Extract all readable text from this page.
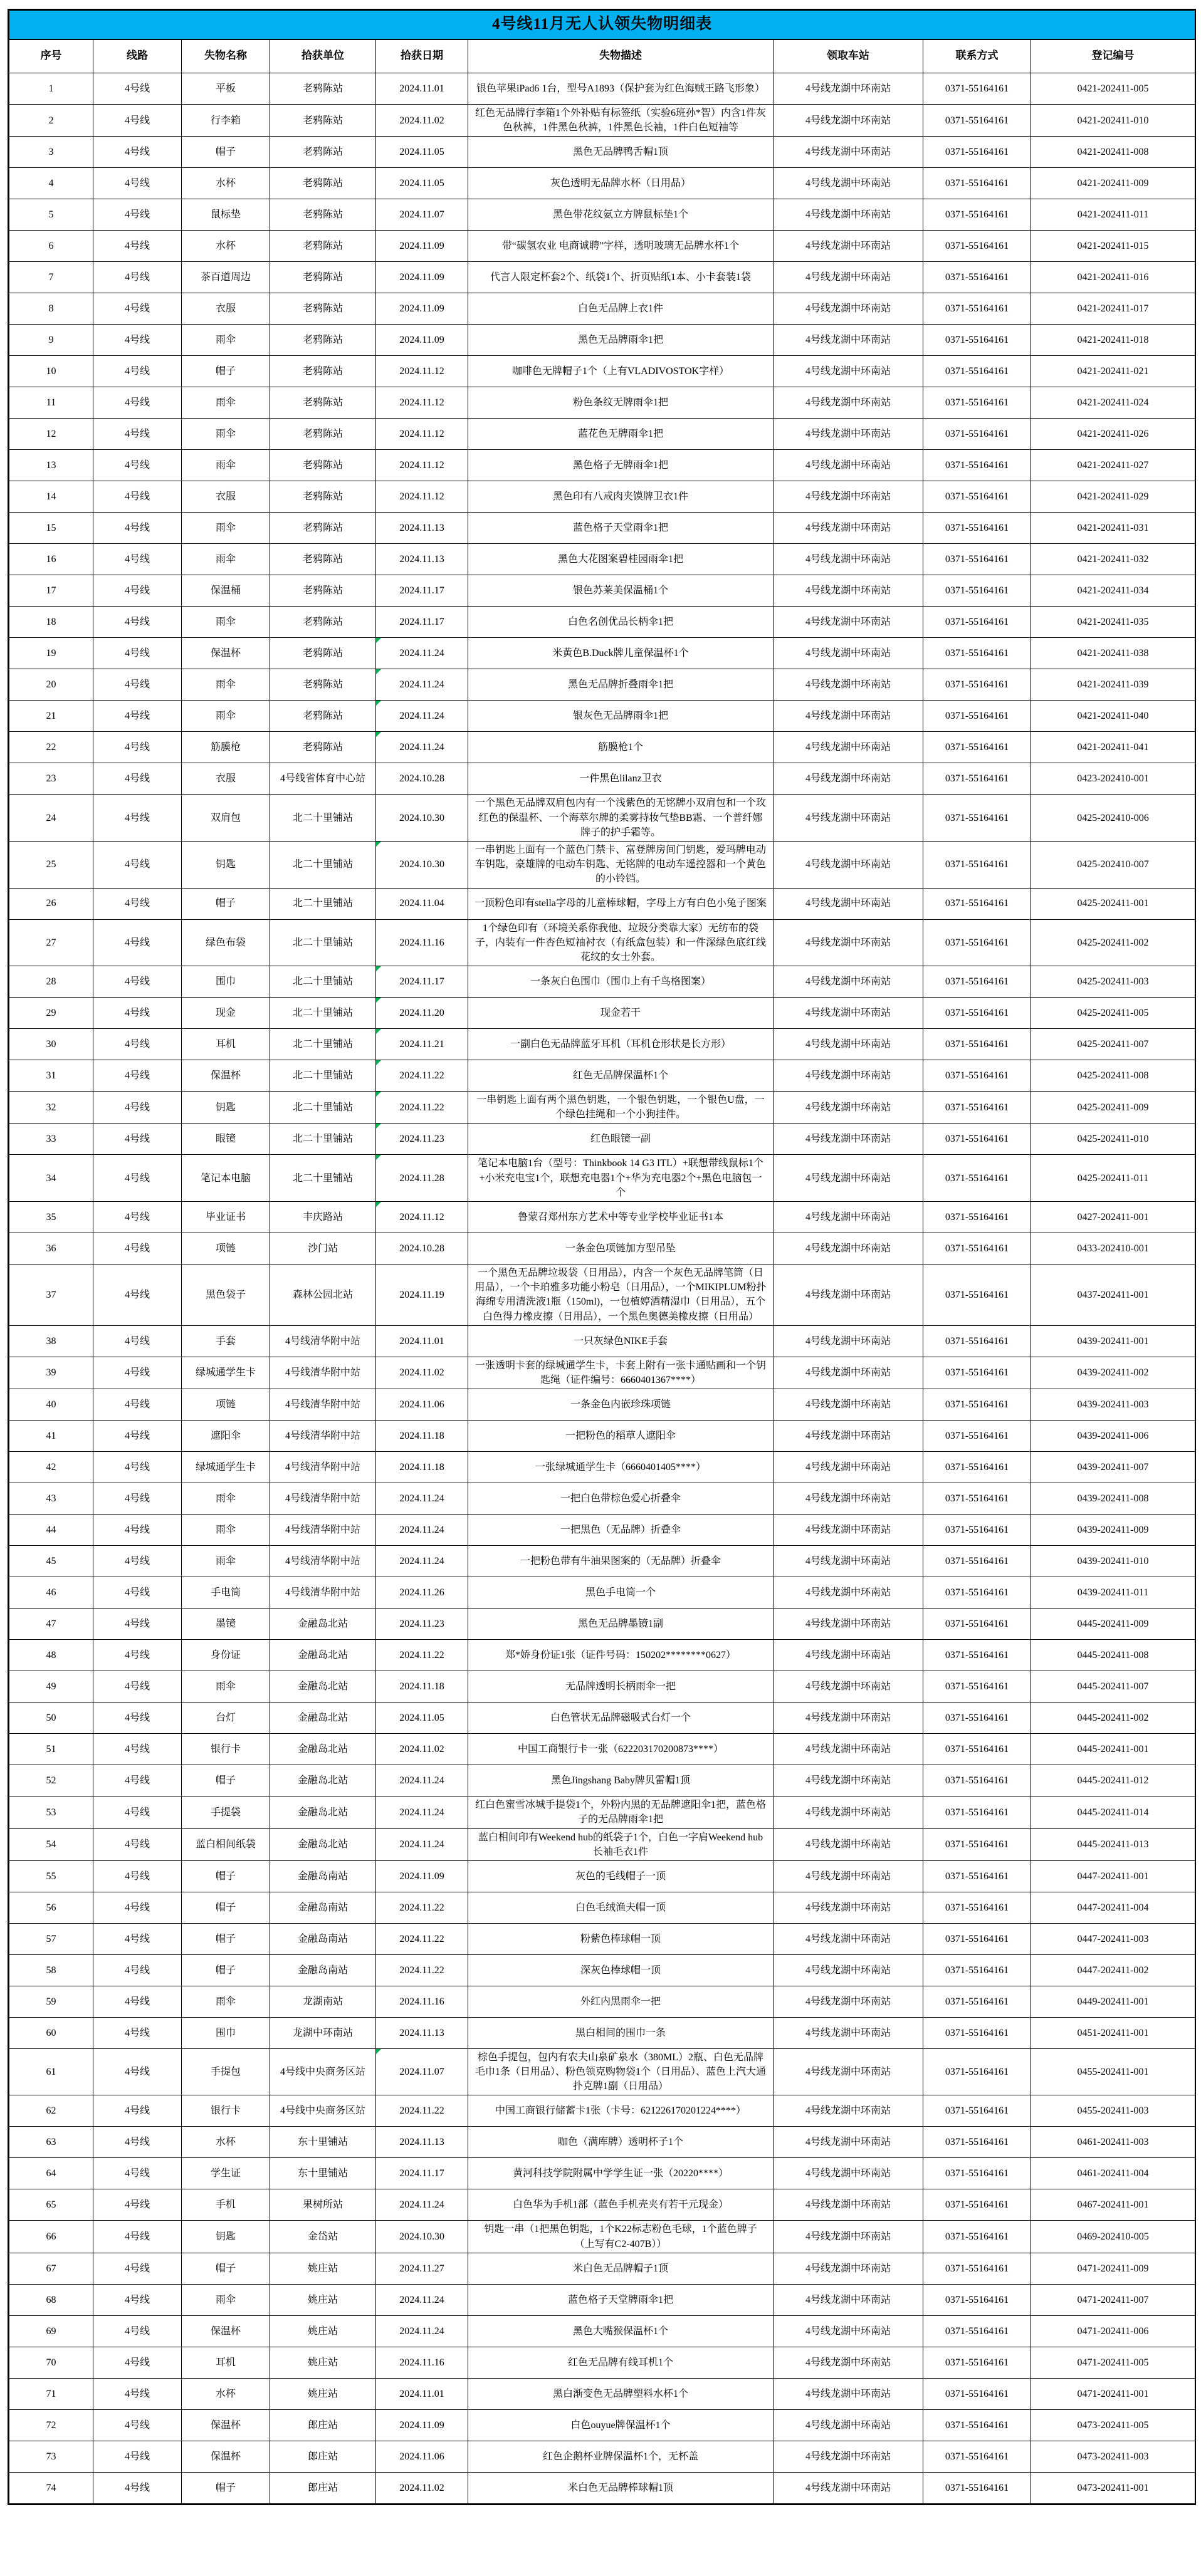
4号线11月无人认领失物明细表								
序号	线路	失物名称	拾获单位	拾获日期	失物描述	领取车站	联系方式	登记编号
1	4号线	平板	老鸦陈站	2024.11.01	银色苹果iPad6 1台，型号A1893（保护套为红色海贼王路飞形象）	4号线龙湖中环南站	0371-55164161	0421-202411-005
2	4号线	行李箱	老鸦陈站	2024.11.02	红色无品牌行李箱1个外补贴有标签纸（实验6班孙*智）内含1件灰色秋裤，1件黑色秋裤，1件黑色长袖，1件白色短袖等	4号线龙湖中环南站	0371-55164161	0421-202411-010
3	4号线	帽子	老鸦陈站	2024.11.05	黑色无品牌鸭舌帽1顶	4号线龙湖中环南站	0371-55164161	0421-202411-008
4	4号线	水杯	老鸦陈站	2024.11.05	灰色透明无品牌水杯（日用品）	4号线龙湖中环南站	0371-55164161	0421-202411-009
5	4号线	鼠标垫	老鸦陈站	2024.11.07	黑色带花纹氨立方牌鼠标垫1个	4号线龙湖中环南站	0371-55164161	0421-202411-011
6	4号线	水杯	老鸦陈站	2024.11.09	带“碳氢农业 电商诚聘”字样，透明玻璃无品牌水杯1个	4号线龙湖中环南站	0371-55164161	0421-202411-015
7	4号线	茶百道周边	老鸦陈站	2024.11.09	代言人限定杯套2个、纸袋1个、折页贴纸1本、小卡套装1袋	4号线龙湖中环南站	0371-55164161	0421-202411-016
8	4号线	衣服	老鸦陈站	2024.11.09	白色无品牌上衣1件	4号线龙湖中环南站	0371-55164161	0421-202411-017
9	4号线	雨伞	老鸦陈站	2024.11.09	黑色无品牌雨伞1把	4号线龙湖中环南站	0371-55164161	0421-202411-018
10	4号线	帽子	老鸦陈站	2024.11.12	咖啡色无牌帽子1个（上有VLADIVOSTOK字样）	4号线龙湖中环南站	0371-55164161	0421-202411-021
11	4号线	雨伞	老鸦陈站	2024.11.12	粉色条纹无牌雨伞1把	4号线龙湖中环南站	0371-55164161	0421-202411-024
12	4号线	雨伞	老鸦陈站	2024.11.12	蓝花色无牌雨伞1把	4号线龙湖中环南站	0371-55164161	0421-202411-026
13	4号线	雨伞	老鸦陈站	2024.11.12	黑色格子无牌雨伞1把	4号线龙湖中环南站	0371-55164161	0421-202411-027
14	4号线	衣服	老鸦陈站	2024.11.12	黑色印有八戒肉夹馍牌卫衣1件	4号线龙湖中环南站	0371-55164161	0421-202411-029
15	4号线	雨伞	老鸦陈站	2024.11.13	蓝色格子天堂雨伞1把	4号线龙湖中环南站	0371-55164161	0421-202411-031
16	4号线	雨伞	老鸦陈站	2024.11.13	黑色大花图案碧桂园雨伞1把	4号线龙湖中环南站	0371-55164161	0421-202411-032
17	4号线	保温桶	老鸦陈站	2024.11.17	银色苏莱美保温桶1个	4号线龙湖中环南站	0371-55164161	0421-202411-034
18	4号线	雨伞	老鸦陈站	2024.11.17	白色名创优品长柄伞1把	4号线龙湖中环南站	0371-55164161	0421-202411-035
19	4号线	保温杯	老鸦陈站	2024.11.24	米黄色B.Duck牌儿童保温杯1个	4号线龙湖中环南站	0371-55164161	0421-202411-038
20	4号线	雨伞	老鸦陈站	2024.11.24	黑色无品牌折叠雨伞1把	4号线龙湖中环南站	0371-55164161	0421-202411-039
21	4号线	雨伞	老鸦陈站	2024.11.24	银灰色无品牌雨伞1把	4号线龙湖中环南站	0371-55164161	0421-202411-040
22	4号线	筋膜枪	老鸦陈站	2024.11.24	筋膜枪1个	4号线龙湖中环南站	0371-55164161	0421-202411-041
23	4号线	衣服	4号线省体育中心站	2024.10.28	一件黑色lilanz卫衣	4号线龙湖中环南站	0371-55164161	0423-202410-001
24	4号线	双肩包	北二十里铺站	2024.10.30	一个黑色无品牌双肩包内有一个浅紫色的无铭牌小双肩包和一个玫红色的保温杯、一个海萃尔牌的柔雾持妆气垫BB霜、一个普纤娜牌子的护手霜等。	4号线龙湖中环南站	0371-55164161	0425-202410-006
25	4号线	钥匙	北二十里铺站	2024.10.30	一串钥匙上面有一个蓝色门禁卡、富登牌房间门钥匙，爱玛牌电动车钥匙，豪雄牌的电动车钥匙、无铭牌的电动车遥控器和一个黄色的小铃铛。	4号线龙湖中环南站	0371-55164161	0425-202410-007
26	4号线	帽子	北二十里铺站	2024.11.04	一顶粉色印有stella字母的儿童棒球帽，字母上方有白色小兔子图案	4号线龙湖中环南站	0371-55164161	0425-202411-001
27	4号线	绿色布袋	北二十里铺站	2024.11.16	1个绿色印有（环境关系你我他、垃圾分类靠大家）无纺布的袋子，内装有一件杏色短袖衬衣（有纸盒包装）和一件深绿色底红线花纹的女士外套。	4号线龙湖中环南站	0371-55164161	0425-202411-002
28	4号线	围巾	北二十里铺站	2024.11.17	一条灰白色围巾（围巾上有千鸟格图案）	4号线龙湖中环南站	0371-55164161	0425-202411-003
29	4号线	现金	北二十里铺站	2024.11.20	现金若干	4号线龙湖中环南站	0371-55164161	0425-202411-005
30	4号线	耳机	北二十里铺站	2024.11.21	一副白色无品牌蓝牙耳机（耳机仓形状是长方形）	4号线龙湖中环南站	0371-55164161	0425-202411-007
31	4号线	保温杯	北二十里铺站	2024.11.22	红色无品牌保温杯1个	4号线龙湖中环南站	0371-55164161	0425-202411-008
32	4号线	钥匙	北二十里铺站	2024.11.22	一串钥匙上面有两个黑色钥匙，一个银色钥匙，一个银色U盘，一个绿色挂绳和一个小狗挂件。	4号线龙湖中环南站	0371-55164161	0425-202411-009
33	4号线	眼镜	北二十里铺站	2024.11.23	红色眼镜一副	4号线龙湖中环南站	0371-55164161	0425-202411-010
34	4号线	笔记本电脑	北二十里铺站	2024.11.28	笔记本电脑1台（型号：Thinkbook 14 G3 ITL）+联想带线鼠标1个+小米充电宝1个，联想充电器1个+华为充电器2个+黑色电脑包一个	4号线龙湖中环南站	0371-55164161	0425-202411-011
35	4号线	毕业证书	丰庆路站	2024.11.12	鲁蒙召郑州东方艺术中等专业学校毕业证书1本	4号线龙湖中环南站	0371-55164161	0427-202411-001
36	4号线	项链	沙门站	2024.10.28	一条金色项链加方型吊坠	4号线龙湖中环南站	0371-55164161	0433-202410-001
37	4号线	黑色袋子	森林公园北站	2024.11.19	一个黑色无品牌垃圾袋（日用品），内含一个灰色无品牌笔筒（日用品），一个卡珀雅多功能小粉皂（日用品），一个MIKIPLUM粉扑海绵专用清洗液1瓶（150ml)，一包植婷酒精湿巾（日用品），五个白色得力橡皮擦（日用品），一个黑色奥德美橡皮擦（日用品）	4号线龙湖中环南站	0371-55164161	0437-202411-001
38	4号线	手套	4号线清华附中站	2024.11.01	一只灰绿色NIKE手套	4号线龙湖中环南站	0371-55164161	0439-202411-001
39	4号线	绿城通学生卡	4号线清华附中站	2024.11.02	一张透明卡套的绿城通学生卡，卡套上附有一张卡通贴画和一个钥匙绳（证件编号：6660401367****）	4号线龙湖中环南站	0371-55164161	0439-202411-002
40	4号线	项链	4号线清华附中站	2024.11.06	一条金色内嵌珍珠项链	4号线龙湖中环南站	0371-55164161	0439-202411-003
41	4号线	遮阳伞	4号线清华附中站	2024.11.18	一把粉色的稻草人遮阳伞	4号线龙湖中环南站	0371-55164161	0439-202411-006
42	4号线	绿城通学生卡	4号线清华附中站	2024.11.18	一张绿城通学生卡（6660401405****）	4号线龙湖中环南站	0371-55164161	0439-202411-007
43	4号线	雨伞	4号线清华附中站	2024.11.24	一把白色带棕色爱心折叠伞	4号线龙湖中环南站	0371-55164161	0439-202411-008
44	4号线	雨伞	4号线清华附中站	2024.11.24	一把黑色（无品牌）折叠伞	4号线龙湖中环南站	0371-55164161	0439-202411-009
45	4号线	雨伞	4号线清华附中站	2024.11.24	一把粉色带有牛油果图案的（无品牌）折叠伞	4号线龙湖中环南站	0371-55164161	0439-202411-010
46	4号线	手电筒	4号线清华附中站	2024.11.26	黑色手电筒一个	4号线龙湖中环南站	0371-55164161	0439-202411-011
47	4号线	墨镜	金融岛北站	2024.11.23	黑色无品牌墨镜1副	4号线龙湖中环南站	0371-55164161	0445-202411-009
48	4号线	身份证	金融岛北站	2024.11.22	郑*娇身份证1张（证件号码：150202********0627）	4号线龙湖中环南站	0371-55164161	0445-202411-008
49	4号线	雨伞	金融岛北站	2024.11.18	无品牌透明长柄雨伞一把	4号线龙湖中环南站	0371-55164161	0445-202411-007
50	4号线	台灯	金融岛北站	2024.11.05	白色管状无品牌磁吸式台灯一个	4号线龙湖中环南站	0371-55164161	0445-202411-002
51	4号线	银行卡	金融岛北站	2024.11.02	中国工商银行卡一张（622203170200873****）	4号线龙湖中环南站	0371-55164161	0445-202411-001
52	4号线	帽子	金融岛北站	2024.11.24	黑色Jingshang Baby牌贝雷帽1顶	4号线龙湖中环南站	0371-55164161	0445-202411-012
53	4号线	手提袋	金融岛北站	2024.11.24	红白色蜜雪冰城手提袋1个，外粉内黑的无品牌遮阳伞1把，蓝色格子的无品牌雨伞1把	4号线龙湖中环南站	0371-55164161	0445-202411-014
54	4号线	蓝白相间纸袋	金融岛北站	2024.11.24	蓝白相间印有Weekend hub的纸袋子1个，白色一字肩Weekend hub长袖毛衣1件	4号线龙湖中环南站	0371-55164161	0445-202411-013
55	4号线	帽子	金融岛南站	2024.11.09	灰色的毛线帽子一顶	4号线龙湖中环南站	0371-55164161	0447-202411-001
56	4号线	帽子	金融岛南站	2024.11.22	白色毛绒渔夫帽一顶	4号线龙湖中环南站	0371-55164161	0447-202411-004
57	4号线	帽子	金融岛南站	2024.11.22	粉紫色棒球帽一顶	4号线龙湖中环南站	0371-55164161	0447-202411-003
58	4号线	帽子	金融岛南站	2024.11.22	深灰色棒球帽一顶	4号线龙湖中环南站	0371-55164161	0447-202411-002
59	4号线	雨伞	龙湖南站	2024.11.16	外红内黑雨伞一把	4号线龙湖中环南站	0371-55164161	0449-202411-001
60	4号线	围巾	龙湖中环南站	2024.11.13	黑白相间的围巾一条	4号线龙湖中环南站	0371-55164161	0451-202411-001
61	4号线	手提包	4号线中央商务区站	2024.11.07	棕色手提包，包内有农夫山泉矿泉水（380ML）2瓶、白色无品牌毛巾1条（日用品）、粉色领克购物袋1个（日用品）、蓝色上汽大通扑克牌1副（日用品）	4号线龙湖中环南站	0371-55164161	0455-202411-001
62	4号线	银行卡	4号线中央商务区站	2024.11.22	中国工商银行储蓄卡1张（卡号：621226170201224****）	4号线龙湖中环南站	0371-55164161	0455-202411-003
63	4号线	水杯	东十里铺站	2024.11.13	咖色（满库牌）透明杯子1个	4号线龙湖中环南站	0371-55164161	0461-202411-003
64	4号线	学生证	东十里铺站	2024.11.17	黄河科技学院附属中学学生证一张（20220****）	4号线龙湖中环南站	0371-55164161	0461-202411-004
65	4号线	手机	果树所站	2024.11.24	白色华为手机1部（蓝色手机壳夹有若干元现金）	4号线龙湖中环南站	0371-55164161	0467-202411-001
66	4号线	钥匙	金岱站	2024.10.30	钥匙一串（1把黑色钥匙，1个K22标志粉色毛球，1个蓝色牌子（上写有C2-407B））	4号线龙湖中环南站	0371-55164161	0469-202410-005
67	4号线	帽子	姚庄站	2024.11.27	米白色无品牌帽子1顶	4号线龙湖中环南站	0371-55164161	0471-202411-009
68	4号线	雨伞	姚庄站	2024.11.24	蓝色格子天堂牌雨伞1把	4号线龙湖中环南站	0371-55164161	0471-202411-007
69	4号线	保温杯	姚庄站	2024.11.24	黑色大嘴猴保温杯1个	4号线龙湖中环南站	0371-55164161	0471-202411-006
70	4号线	耳机	姚庄站	2024.11.16	红色无品牌有线耳机1个	4号线龙湖中环南站	0371-55164161	0471-202411-005
71	4号线	水杯	姚庄站	2024.11.01	黑白渐变色无品牌塑料水杯1个	4号线龙湖中环南站	0371-55164161	0471-202411-001
72	4号线	保温杯	郎庄站	2024.11.09	白色ouyue牌保温杯1个	4号线龙湖中环南站	0371-55164161	0473-202411-005
73	4号线	保温杯	郎庄站	2024.11.06	红色企鹅杯业牌保温杯1个，无杯盖	4号线龙湖中环南站	0371-55164161	0473-202411-003
74	4号线	帽子	郎庄站	2024.11.02	米白色无品牌棒球帽1顶	4号线龙湖中环南站	0371-55164161	0473-202411-001
